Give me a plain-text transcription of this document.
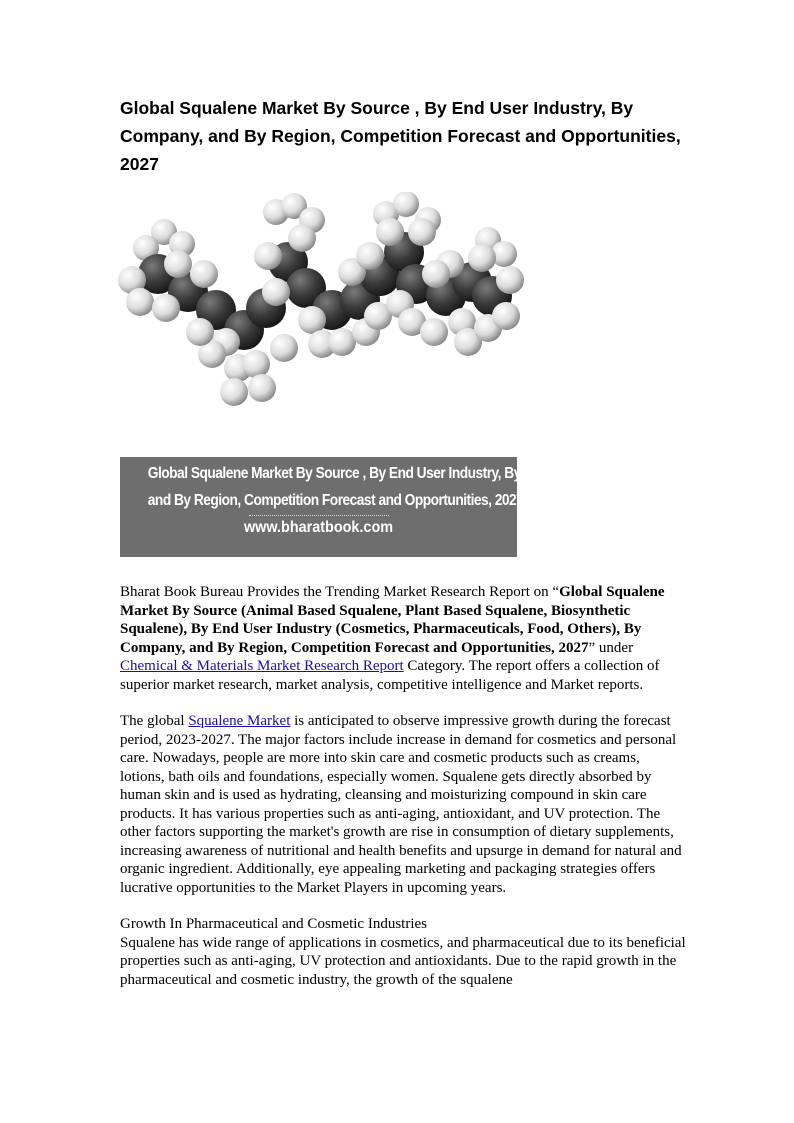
Global Squalene Market By Source , By End User Industry, By Company, and By Region, Competition Forecast and Opportunities, 2027
Global Squalene Market By Source , By End User Industry, By Company,
and By Region, Competition Forecast and Opportunities, 2027
www.bharatbook.com

Bharat Book Bureau Provides the Trending Market Research Report on “Global Squalene Market By Source (Animal Based Squalene, Plant Based Squalene, Biosynthetic Squalene), By End User Industry (Cosmetics, Pharmaceuticals, Food, Others), By Company, and By Region, Competition Forecast and Opportunities, 2027” under Chemical & Materials Market Research Report Category. The report offers a collection of superior market research, market analysis, competitive intelligence and Market reports.

The global Squalene Market is anticipated to observe impressive growth during the forecast period, 2023-2027. The major factors include increase in demand for cosmetics and personal care. Nowadays, people are more into skin care and cosmetic products such as creams, lotions, bath oils and foundations, especially women. Squalene gets directly absorbed by human skin and is used as hydrating, cleansing and moisturizing compound in skin care products. It has various properties such as anti-aging, antioxidant, and UV protection. The other factors supporting the market's growth are rise in consumption of dietary supplements, increasing awareness of nutritional and health benefits and upsurge in demand for natural and organic ingredient. Additionally, eye appealing marketing and packaging strategies offers lucrative opportunities to the Market Players in upcoming years.

Growth In Pharmaceutical and Cosmetic Industries

Squalene has wide range of applications in cosmetics, and pharmaceutical due to its beneficial properties such as anti-aging, UV protection and antioxidants. Due to the rapid growth in the pharmaceutical and cosmetic industry, the growth of the squalene
